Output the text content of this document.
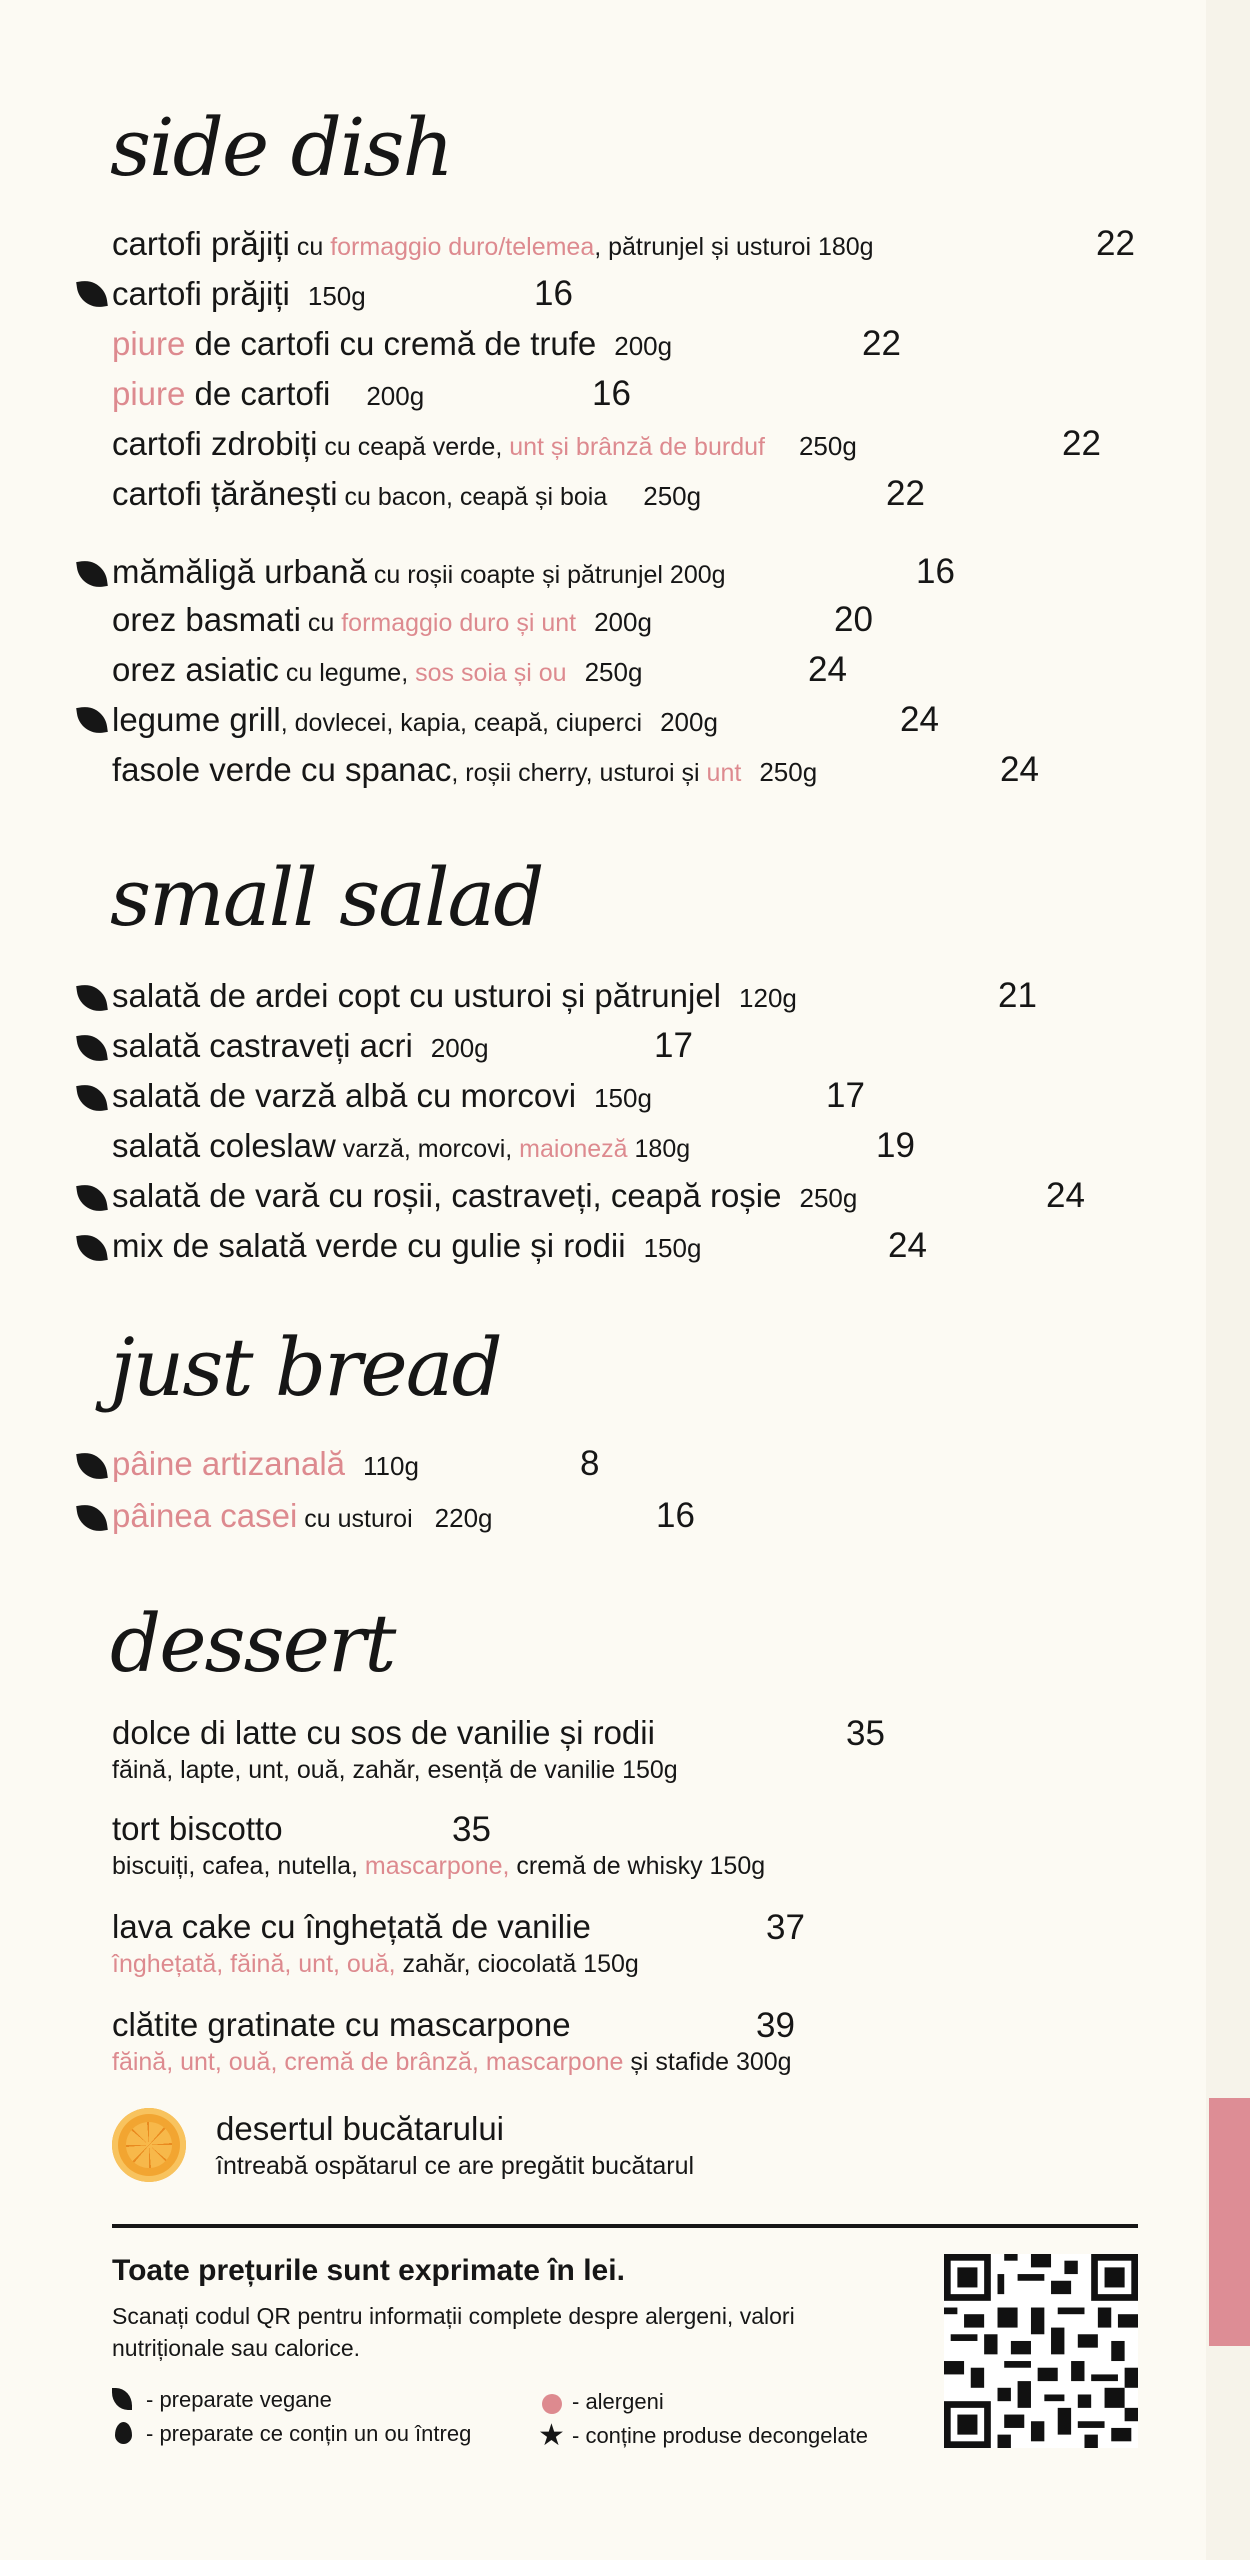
side dish
cartofi prăjiți cu formaggio duro/telemea, pătrunjel și usturoi 180g	22
cartofi prăjiți 150g	16
piure de cartofi cu cremă de trufe 200g	22
piure de cartofi 200g	16
cartofi zdrobiți cu ceapă verde, unt și brânză de burduf 250g	22
cartofi țărănești cu bacon, ceapă și boia 250g	22
mămăligă urbană cu roșii coapte și pătrunjel 200g	16
orez basmati cu formaggio duro și unt 200g	20
orez asiatic cu legume, sos soia și ou 250g	24
legume grill, dovlecei, kapia, ceapă, ciuperci 200g	24
fasole verde cu spanac, roșii cherry, usturoi și unt 250g	24
small salad
salată de ardei copt cu usturoi și pătrunjel 120g	21
salată castraveți acri 200g	17
salată de varză albă cu morcovi 150g	17
salată coleslaw varză, morcovi, maioneză 180g	19
salată de vară cu roșii, castraveți, ceapă roșie 250g	24
mix de salată verde cu gulie și rodii 150g	24
just bread
pâine artizanală 110g	8
pâinea casei cu usturoi 220g	16
dessert
dolce di latte cu sos de vanilie și rodii
făină, lapte, unt, ouă, zahăr, esență de vanilie 150g
35
tort biscotto
biscuiți, cafea, nutella, mascarpone, cremă de whisky 150g
35
lava cake cu înghețată de vanilie
înghețată, făină, unt, ouă, zahăr, ciocolată 150g
37
clătite gratinate cu mascarpone
făină, unt, ouă, cremă de brânză, mascarpone și stafide 300g
39
desertul bucătarului
întreabă ospătarul ce are pregătit bucătarul
Toate prețurile sunt exprimate în lei.
Scanați codul QR pentru informații complete despre alergeni, valori nutriționale sau calorice.
- preparate vegane
- preparate ce conțin un ou întreg
- alergeni
★ - conține produse decongelate
